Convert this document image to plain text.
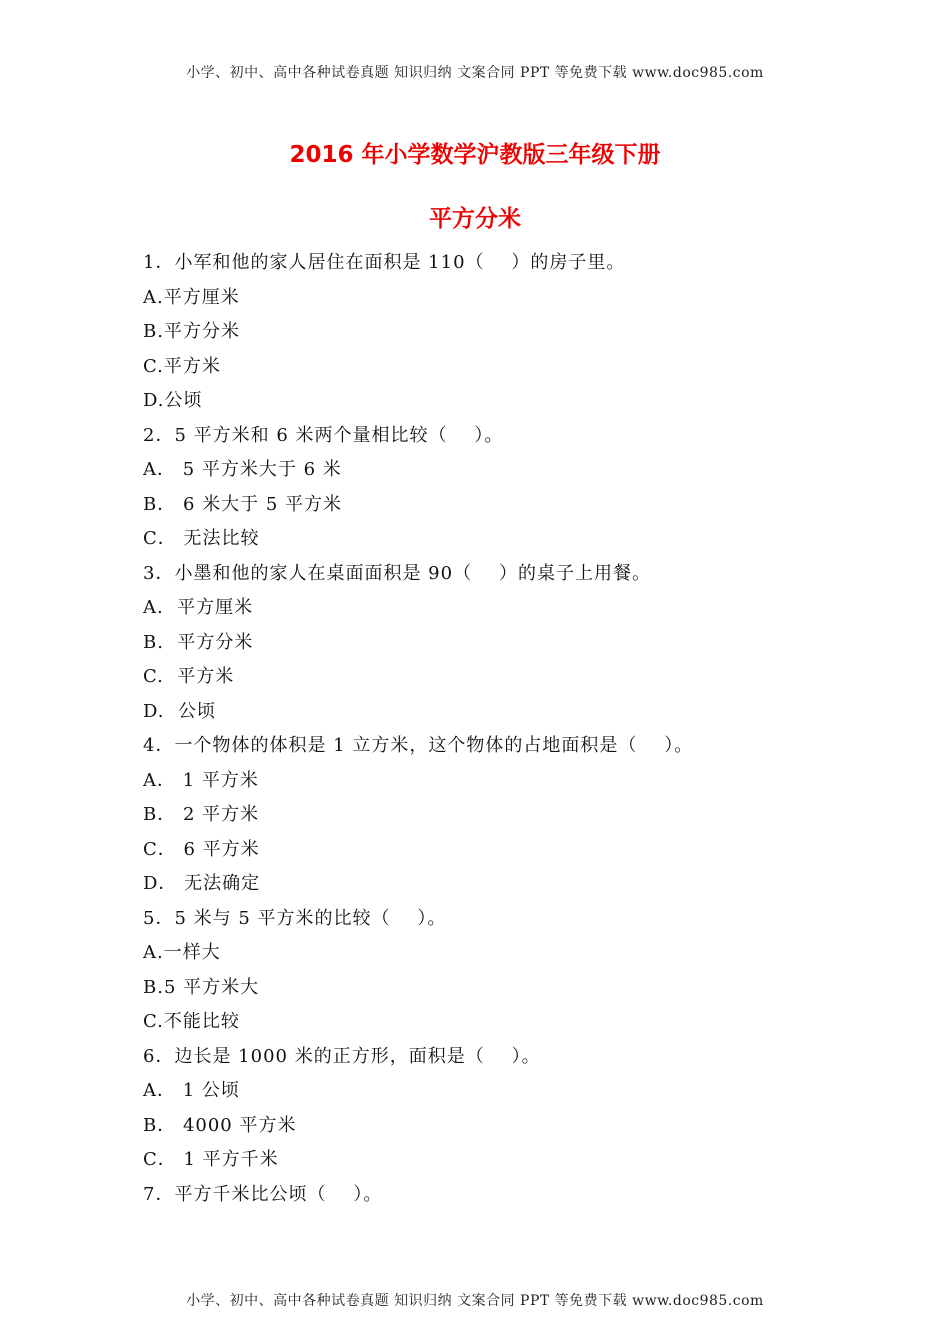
小学、初中、高中各种试卷真题 知识归纳 文案合同 PPT 等免费下载 www.doc985.com
2016 年小学数学沪教版三年级下册
平方分米
1．小军和他的家人居住在面积是 110（    ）的房子里。
A.平方厘米
B.平方分米
C.平方米
D.公顷
2．5 平方米和 6 米两个量相比较（    ）。
A． 5 平方米大于 6 米
B． 6 米大于 5 平方米
C． 无法比较
3．小墨和他的家人在桌面面积是 90（    ）的桌子上用餐。
A.  平方厘米
B.  平方分米
C.  平方米
D.  公顷
4．一个物体的体积是 1 立方米，这个物体的占地面积是（    ）。
A． 1 平方米
B． 2 平方米
C． 6 平方米
D． 无法确定
5．5 米与 5 平方米的比较（    ）。
A.一样大
B.5 平方米大
C.不能比较
6．边长是 1000 米的正方形，面积是（    ）。
A． 1 公顷
B． 4000 平方米
C． 1 平方千米
7．平方千米比公顷（    ）。
小学、初中、高中各种试卷真题 知识归纳 文案合同 PPT 等免费下载 www.doc985.com
